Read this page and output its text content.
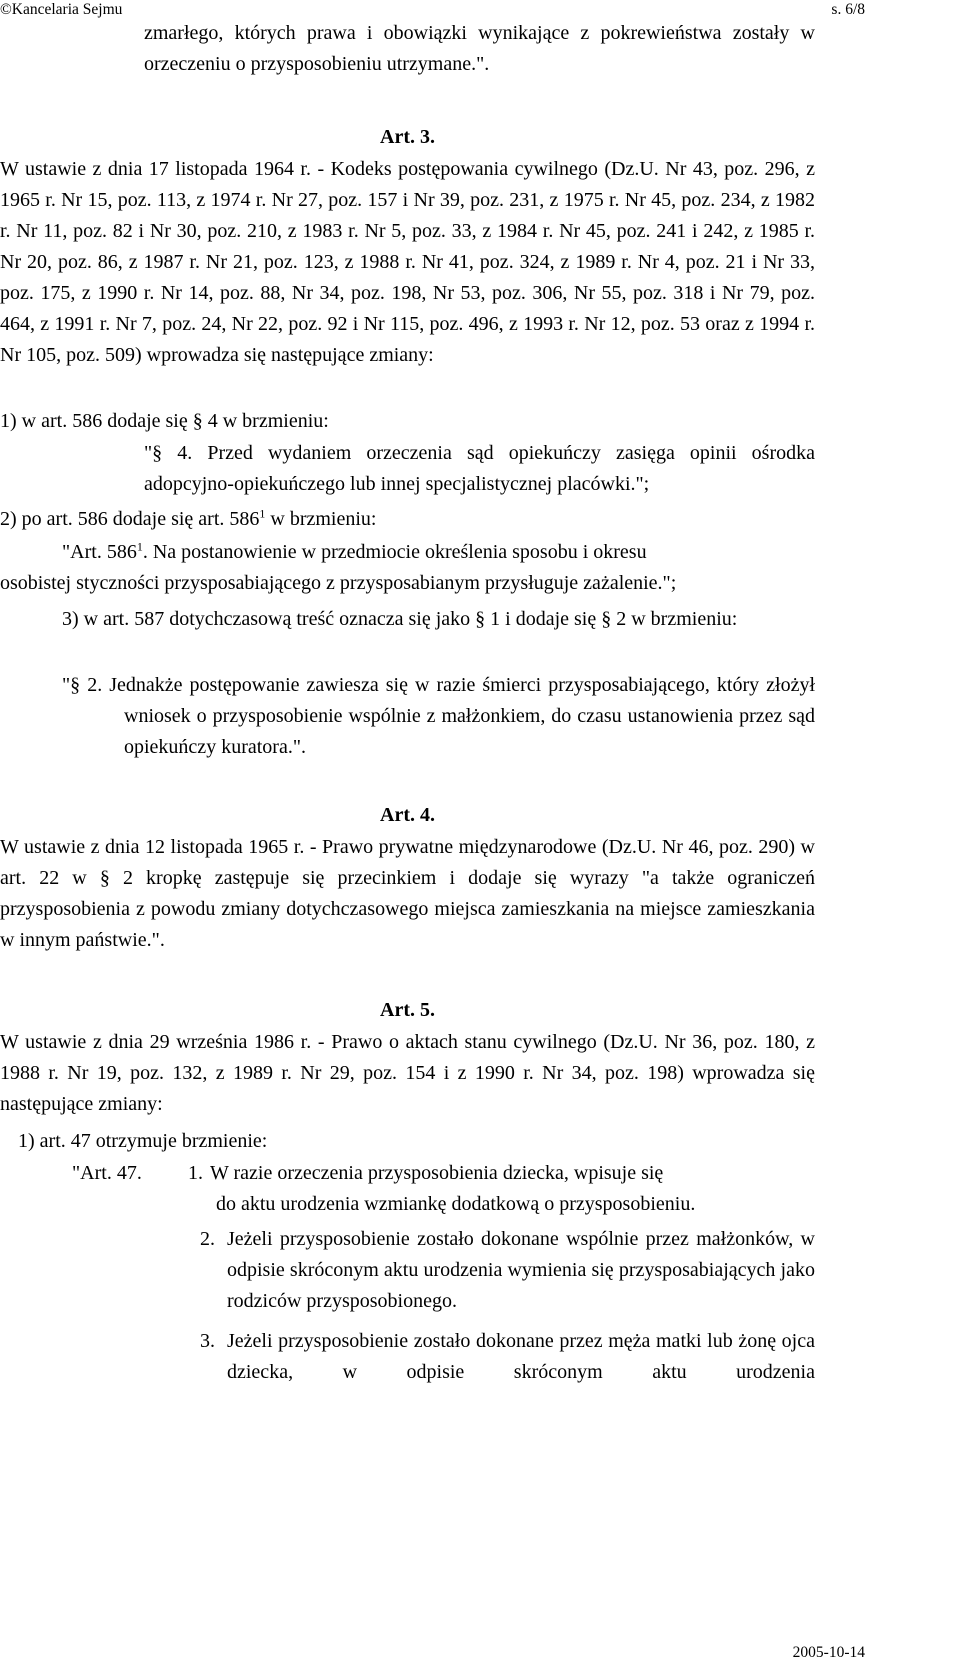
©Kancelaria Sejmu	s. 6/8

zmarłego, których prawa i obowiązki wynikające z pokrewieństwa zostały w orzeczeniu o przysposobieniu utrzymane.".

Art. 3.

W ustawie z dnia 17 listopada 1964 r. - Kodeks postępowania cywilnego (Dz.U. Nr 43, poz. 296, z 1965 r. Nr 15, poz. 113, z 1974 r. Nr 27, poz. 157 i Nr 39, poz. 231, z 1975 r. Nr 45, poz. 234, z 1982 r. Nr 11, poz. 82 i Nr 30, poz. 210, z 1983 r. Nr 5, poz. 33, z 1984 r. Nr 45, poz. 241 i 242, z 1985 r. Nr 20, poz. 86, z 1987 r. Nr 21, poz. 123, z 1988 r. Nr 41, poz. 324, z 1989 r. Nr 4, poz. 21 i Nr 33, poz. 175, z 1990 r. Nr 14, poz. 88, Nr 34, poz. 198, Nr 53, poz. 306, Nr 55, poz. 318 i Nr 79, poz. 464, z 1991 r. Nr 7, poz. 24, Nr 22, poz. 92 i Nr 115, poz. 496, z 1993 r. Nr 12, poz. 53 oraz z 1994 r. Nr 105, poz. 509) wprowadza się następujące zmiany:

1) w art. 586 dodaje się § 4 w brzmieniu:

"§ 4. Przed wydaniem orzeczenia sąd opiekuńczy zasięga opinii ośrodka adopcyjno-opiekuńczego lub innej specjalistycznej placówki.";

2) po art. 586 dodaje się art. $586^1$ w brzmieniu:

"Art. $586^1$. Na postanowienie w przedmiocie określenia sposobu i okresu
osobistej styczności przysposabiającego z przysposabianym przysługuje zażalenie.";

3) w art. 587 dotychczasową treść oznacza się jako § 1 i dodaje się § 2 w brzmieniu:

"§ 2. Jednakże postępowanie zawiesza się w razie śmierci przysposabiającego, który złożył wniosek o przysposobienie wspólnie z małżonkiem, do czasu ustanowienia przez sąd opiekuńczy kuratora.".

Art. 4.

W ustawie z dnia 12 listopada 1965 r. - Prawo prywatne międzynarodowe (Dz.U. Nr 46, poz. 290) w art. 22 w § 2 kropkę zastępuje się przecinkiem i dodaje się wyrazy "a także ograniczeń przysposobienia z powodu zmiany dotychczasowego miejsca zamieszkania na miejsce zamieszkania w innym państwie.".

Art. 5.

W ustawie z dnia 29 września 1986 r. - Prawo o aktach stanu cywilnego (Dz.U. Nr 36, poz. 180, z 1988 r. Nr 19, poz. 132, z 1989 r. Nr 29, poz. 154 i z 1990 r. Nr 34, poz. 198) wprowadza się następujące zmiany:

1) art. 47 otrzymuje brzmienie:

"Art. 47. 1. W razie orzeczenia przysposobienia dziecka, wpisuje się
do aktu urodzenia wzmiankę dodatkową o przysposobieniu.
2. Jeżeli przysposobienie zostało dokonane wspólnie przez małżonków, w odpisie skróconym aktu urodzenia wymienia się przysposabiających jako rodziców przysposobionego.
3. Jeżeli przysposobienie zostało dokonane przez męża matki lub żonę ojca dziecka, w odpisie skróconym aktu urodzenia
2005-10-14
